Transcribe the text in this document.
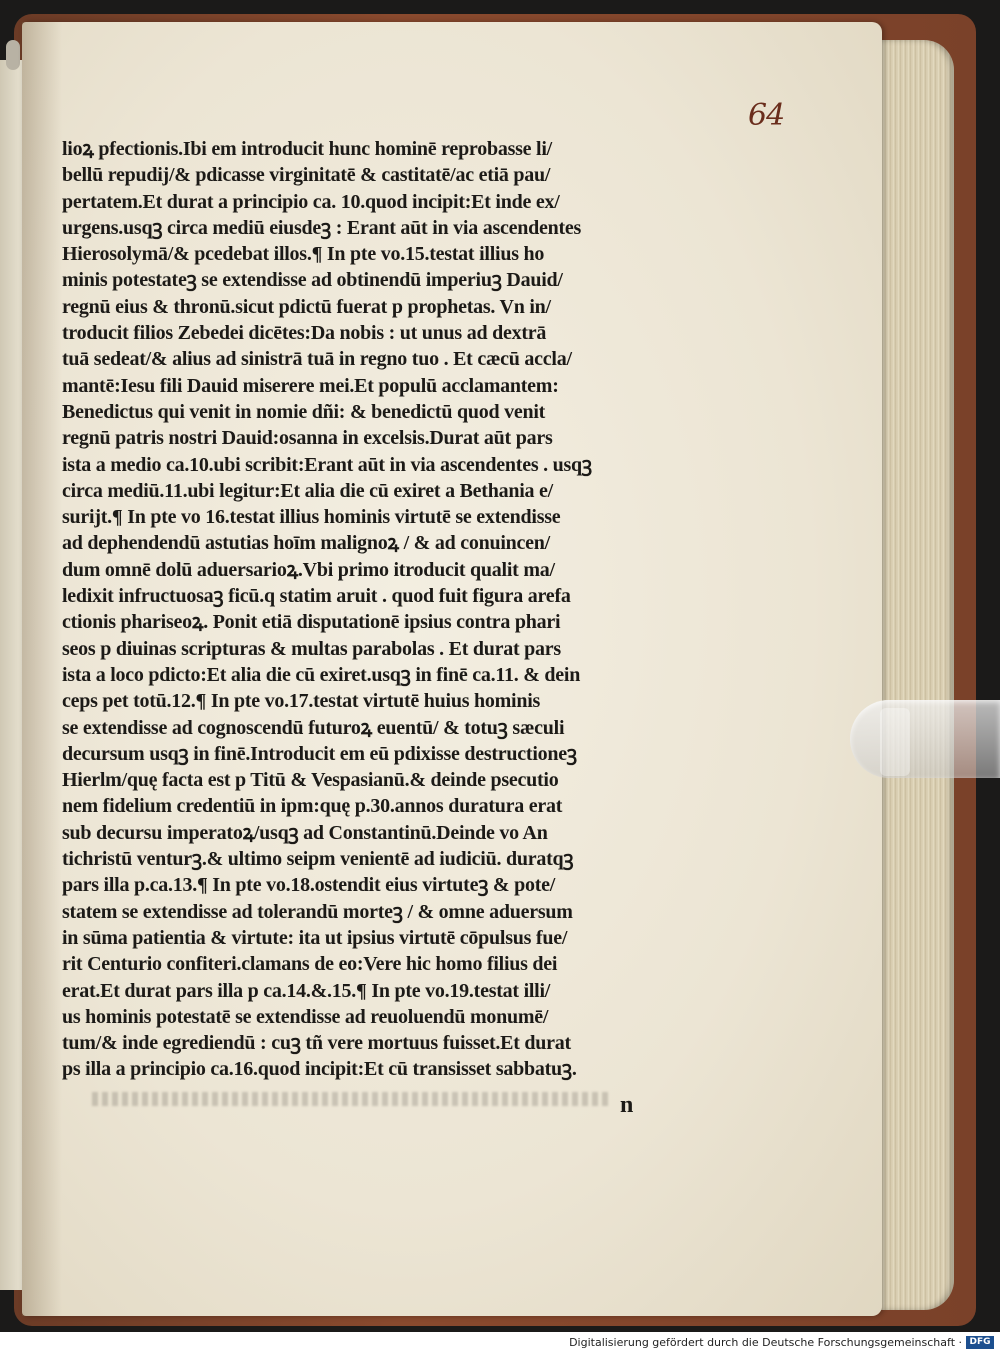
64
lioꝝ pfectionis.Ibi em introducit hunc hominē reprobasse li/
bellū repudij/& pdicasse virginitatē & castitatē/ac etiā pau/
pertatem.Et durat a principio ca. 10.quod incipit:Et inde ex/
urgens.usqꝫ circa mediū eiusdeꝫ : Erant aūt in via ascendentes
Hierosolymā/& pcedebat illos.¶ In pte vo.15.testat illius ho
minis potestateꝫ se extendisse ad obtinendū imperiuꝫ Dauid/
regnū eius & thronū.sicut pdictū fuerat p prophetas. Vn in/
troducit filios Zebedei dicētes:Da nobis : ut unus ad dextrā
tuā sedeat/& alius ad sinistrā tuā in regno tuo . Et cæcū accla/
mantē:Iesu fili Dauid miserere mei.Et populū acclamantem:
Benedictus qui venit in nomie dñi: & benedictū quod venit
regnū patris nostri Dauid:osanna in excelsis.Durat aūt pars
ista a medio ca.10.ubi scribit:Erant aūt in via ascendentes . usqꝫ
circa mediū.11.ubi legitur:Et alia die cū exiret a Bethania e/
surijt.¶ In pte vo 16.testat illius hominis virtutē se extendisse
ad dephendendū astutias hoīm malignoꝝ / & ad conuincen/
dum omnē dolū aduersarioꝝ.Vbi primo itroducit qualit ma/
ledixit infructuosaꝫ ficū.q statim aruit . quod fuit figura arefa
ctionis phariseoꝝ. Ponit etiā disputationē ipsius contra phari
seos p diuinas scripturas & multas parabolas . Et durat pars
ista a loco pdicto:Et alia die cū exiret.usqꝫ in finē ca.11. & dein
ceps pet totū.12.¶ In pte vo.17.testat virtutē huius hominis
se extendisse ad cognoscendū futuroꝝ euentū/ & totuꝫ sæculi
decursum usqꝫ in finē.Introducit em eū pdixisse destructioneꝫ
Hierlm/quę facta est p Titū & Vespasianū.& deinde psecutio
nem fidelium credentiū in ipm:quę p.30.annos duratura erat
sub decursu imperatoꝝ/usqꝫ ad Constantinū.Deinde vo An
tichristū venturꝫ.& ultimo seipm venientē ad iudiciū. duratqꝫ
pars illa p.ca.13.¶ In pte vo.18.ostendit eius virtuteꝫ & pote/
statem se extendisse ad tolerandū morteꝫ / & omne aduersum
in sūma patientia & virtute: ita ut ipsius virtutē cōpulsus fue/
rit Centurio confiteri.clamans de eo:Vere hic homo filius dei
erat.Et durat pars illa p ca.14.&.15.¶ In pte vo.19.testat illi/
us hominis potestatē se extendisse ad reuoluendū monumē/
tum/& inde egrediendū : cuꝫ tñ vere mortuus fuisset.Et durat
ps illa a principio ca.16.quod incipit:Et cū transisset sabbatuꝫ.
n
Digitalisierung gefördert durch die Deutsche Forschungsgemeinschaft · DFG
